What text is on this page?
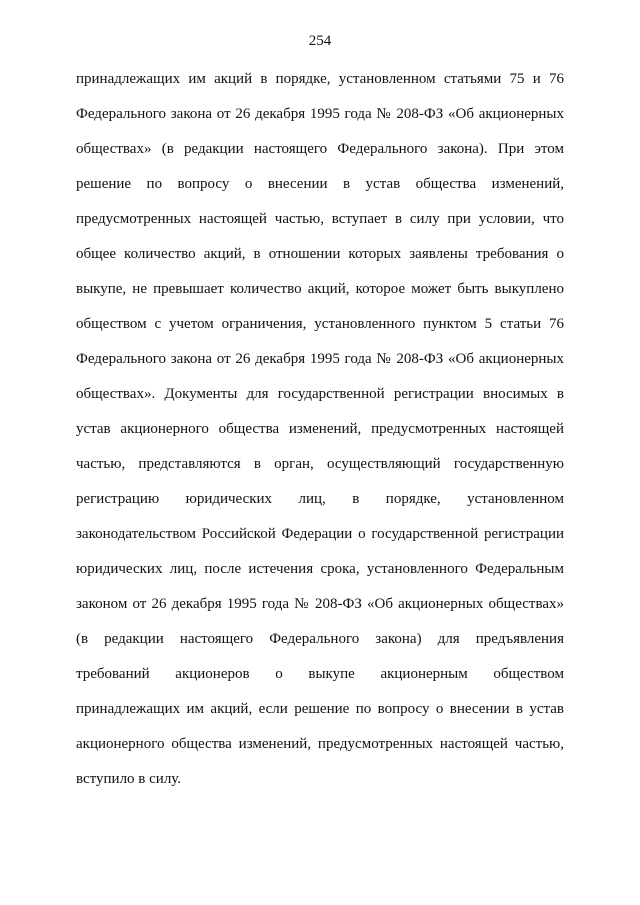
254
принадлежащих им акций в порядке, установленном статьями 75 и 76
Федерального закона от 26 декабря 1995 года № 208-ФЗ «Об акционерных
обществах» (в редакции настоящего Федерального закона). При этом
решение по вопросу о внесении в устав общества изменений,
предусмотренных настоящей частью, вступает в силу при условии, что
общее количество акций, в отношении которых заявлены требования о
выкупе, не превышает количество акций, которое может быть выкуплено
обществом с учетом ограничения, установленного пунктом 5 статьи 76
Федерального закона от 26 декабря 1995 года № 208-ФЗ «Об акционерных
обществах». Документы для государственной регистрации вносимых в
устав акционерного общества изменений, предусмотренных настоящей
частью, представляются в орган, осуществляющий государственную
регистрацию юридических лиц, в порядке, установленном
законодательством Российской Федерации о государственной регистрации
юридических лиц, после истечения срока, установленного Федеральным
законом от 26 декабря 1995 года № 208-ФЗ «Об акционерных обществах»
(в редакции настоящего Федерального закона) для предъявления
требований акционеров о выкупе акционерным обществом
принадлежащих им акций, если решение по вопросу о внесении в устав
акционерного общества изменений, предусмотренных настоящей частью,
вступило в силу.
